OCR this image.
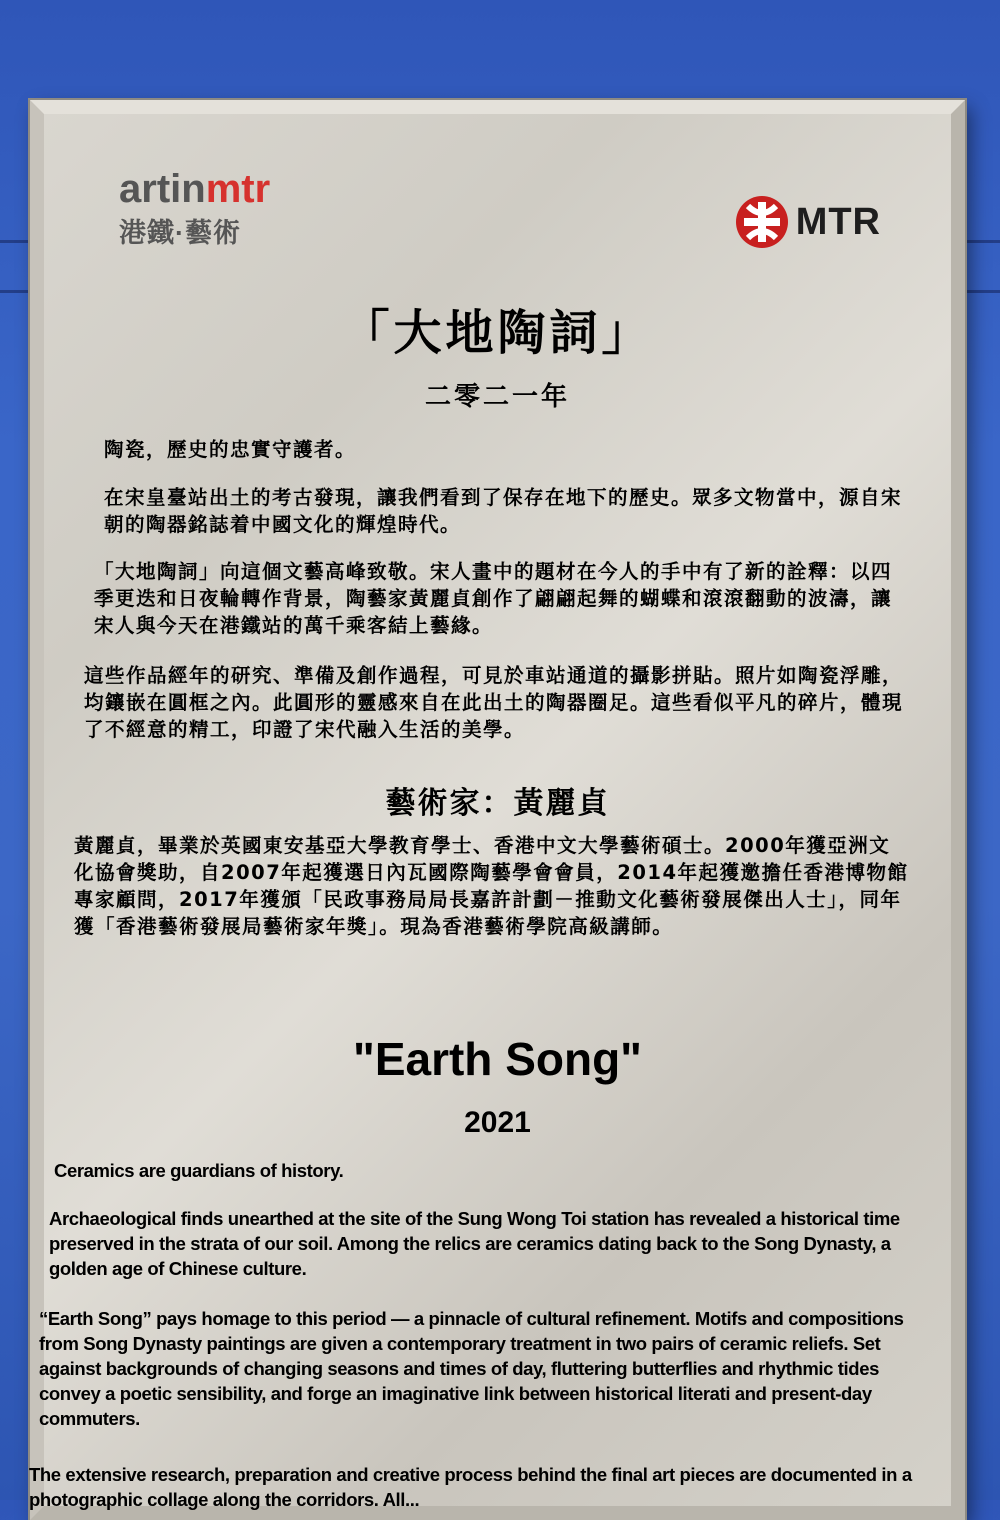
artinmtr
港鐵·藝術	MTR
「大地陶詞」
二零二一年
陶瓷，歷史的忠實守護者。
在宋皇臺站出土的考古發現，讓我們看到了保存在地下的歷史。眾多文物當中，源自宋朝的陶器銘誌着中國文化的輝煌時代。
「大地陶詞」向這個文藝高峰致敬。宋人畫中的題材在今人的手中有了新的詮釋：以四季更迭和日夜輪轉作背景，陶藝家黃麗貞創作了翩翩起舞的蝴蝶和滾滾翻動的波濤，讓宋人與今天在港鐵站的萬千乘客結上藝緣。
這些作品經年的研究、準備及創作過程，可見於車站通道的攝影拼貼。照片如陶瓷浮雕，均鑲嵌在圓框之內。此圓形的靈感來自在此出土的陶器圈足。這些看似平凡的碎片，體現了不經意的精工，印證了宋代融入生活的美學。
藝術家：黃麗貞
黃麗貞，畢業於英國東安基亞大學教育學士、香港中文大學藝術碩士。2000年獲亞洲文化協會獎助，自2007年起獲選日內瓦國際陶藝學會會員，2014年起獲邀擔任香港博物館專家顧問，2017年獲頒「民政事務局局長嘉許計劃－推動文化藝術發展傑出人士」，同年獲「香港藝術發展局藝術家年獎」。現為香港藝術學院高級講師。
"Earth Song"
2021
Ceramics are guardians of history.
Archaeological finds unearthed at the site of the Sung Wong Toi station has revealed a historical time preserved in the strata of our soil. Among the relics are ceramics dating back to the Song Dynasty, a golden age of Chinese culture.
“Earth Song” pays homage to this period — a pinnacle of cultural refinement. Motifs and compositions from Song Dynasty paintings are given a contemporary treatment in two pairs of ceramic reliefs. Set against backgrounds of changing seasons and times of day, fluttering butterflies and rhythmic tides convey a poetic sensibility, and forge an imaginative link between historical literati and present-day commuters.
The extensive research, preparation and creative process behind the final art pieces are documented in a photographic collage along the corridors. All...
